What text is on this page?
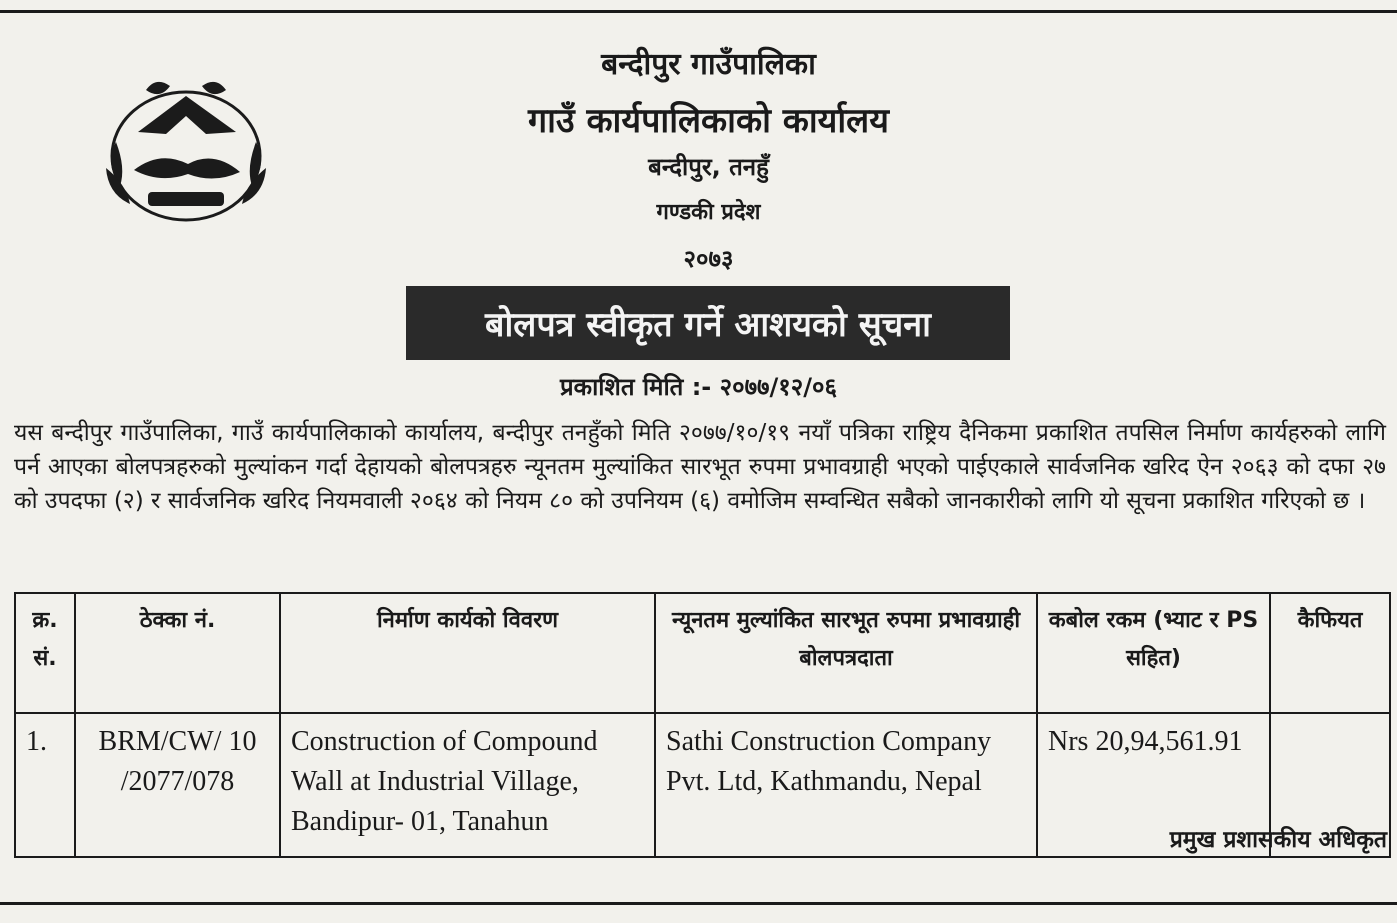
बन्दीपुर गाउँपालिका
गाउँ कार्यपालिकाको कार्यालय
बन्दीपुर, तनहुँ
गण्डकी प्रदेश
२०७३
बोलपत्र स्वीकृत गर्ने आशयको सूचना
प्रकाशित मिति :- २०७७/१२/०६
यस बन्दीपुर गाउँपालिका, गाउँ कार्यपालिकाको कार्यालय, बन्दीपुर तनहुँको मिति २०७७/१०/१९ नयाँ पत्रिका राष्ट्रिय दैनिकमा प्रकाशित तपसिल निर्माण कार्यहरुको लागि पर्न आएका बोलपत्रहरुको मुल्यांकन गर्दा देहायको बोलपत्रहरु न्यूनतम मुल्यांकित सारभूत रुपमा प्रभावग्राही भएको पाईएकाले सार्वजनिक खरिद ऐन २०६३ को दफा २७ को उपदफा (२) र सार्वजनिक खरिद नियमवाली २०६४ को नियम ८० को उपनियम (६) वमोजिम सम्वन्धित सबैको जानकारीको लागि यो सूचना प्रकाशित गरिएको छ ।
क्र. सं.	ठेक्का नं.	निर्माण कार्यको विवरण	न्यूनतम मुल्यांकित सारभूत रुपमा प्रभावग्राही बोलपत्रदाता	कबोल रकम (भ्याट र PS सहित)	कैफियत
1.	BRM/CW/ 10 /2077/078	Construction of Compound Wall at Industrial Village, Bandipur- 01, Tanahun	Sathi Construction Company Pvt. Ltd, Kathmandu, Nepal	Nrs 20,94,561.91	
प्रमुख प्रशासकीय अधिकृत
